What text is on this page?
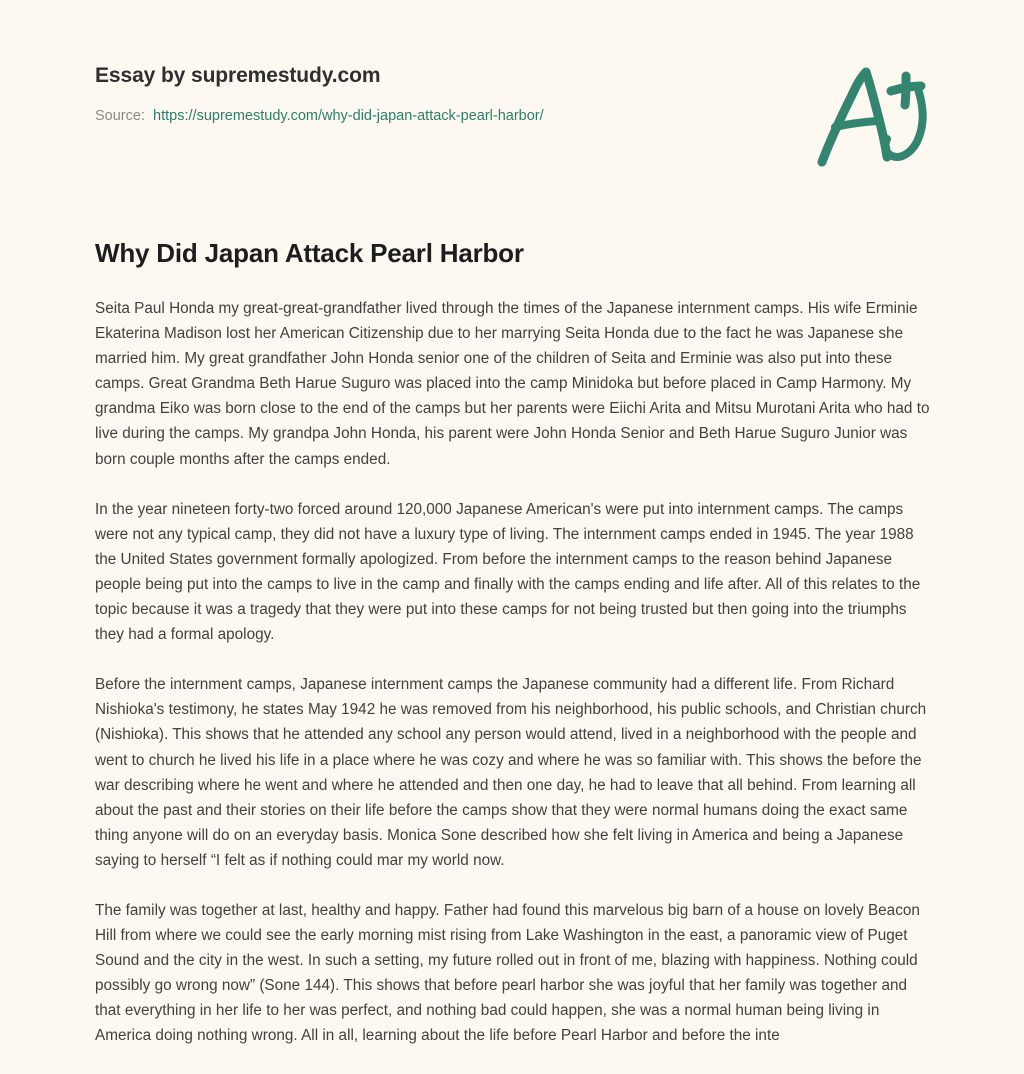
Essay by supremestudy.com
Source: https://supremestudy.com/why-did-japan-attack-pearl-harbor/
Why Did Japan Attack Pearl Harbor

Seita Paul Honda my great-great-grandfather lived through the times of the Japanese internment camps. His wife Erminie Ekaterina Madison lost her American Citizenship due to her marrying Seita Honda due to the fact he was Japanese she married him. My great grandfather John Honda senior one of the children of Seita and Erminie was also put into these camps. Great Grandma Beth Harue Suguro was placed into the camp Minidoka but before placed in Camp Harmony. My grandma Eiko was born close to the end of the camps but her parents were Eiichi Arita and Mitsu Murotani Arita who had to live during the camps. My grandpa John Honda, his parent were John Honda Senior and Beth Harue Suguro Junior was born couple months after the camps ended.

In the year nineteen forty-two forced around 120,000 Japanese American's were put into internment camps. The camps were not any typical camp, they did not have a luxury type of living. The internment camps ended in 1945. The year 1988 the United States government formally apologized. From before the internment camps to the reason behind Japanese people being put into the camps to live in the camp and finally with the camps ending and life after. All of this relates to the topic because it was a tragedy that they were put into these camps for not being trusted but then going into the triumphs they had a formal apology.

Before the internment camps, Japanese internment camps the Japanese community had a different life. From Richard Nishioka's testimony, he states May 1942 he was removed from his neighborhood, his public schools, and Christian church (Nishioka). This shows that he attended any school any person would attend, lived in a neighborhood with the people and went to church he lived his life in a place where he was cozy and where he was so familiar with. This shows the before the war describing where he went and where he attended and then one day, he had to leave that all behind. From learning all about the past and their stories on their life before the camps show that they were normal humans doing the exact same thing anyone will do on an everyday basis. Monica Sone described how she felt living in America and being a Japanese saying to herself “I felt as if nothing could mar my world now.

The family was together at last, healthy and happy. Father had found this marvelous big barn of a house on lovely Beacon Hill from where we could see the early morning mist rising from Lake Washington in the east, a panoramic view of Puget Sound and the city in the west. In such a setting, my future rolled out in front of me, blazing with happiness. Nothing could possibly go wrong now” (Sone 144). This shows that before pearl harbor she was joyful that her family was together and that everything in her life to her was perfect, and nothing bad could happen, she was a normal human being living in America doing nothing wrong. All in all, learning about the life before Pearl Harbor and before the inte
